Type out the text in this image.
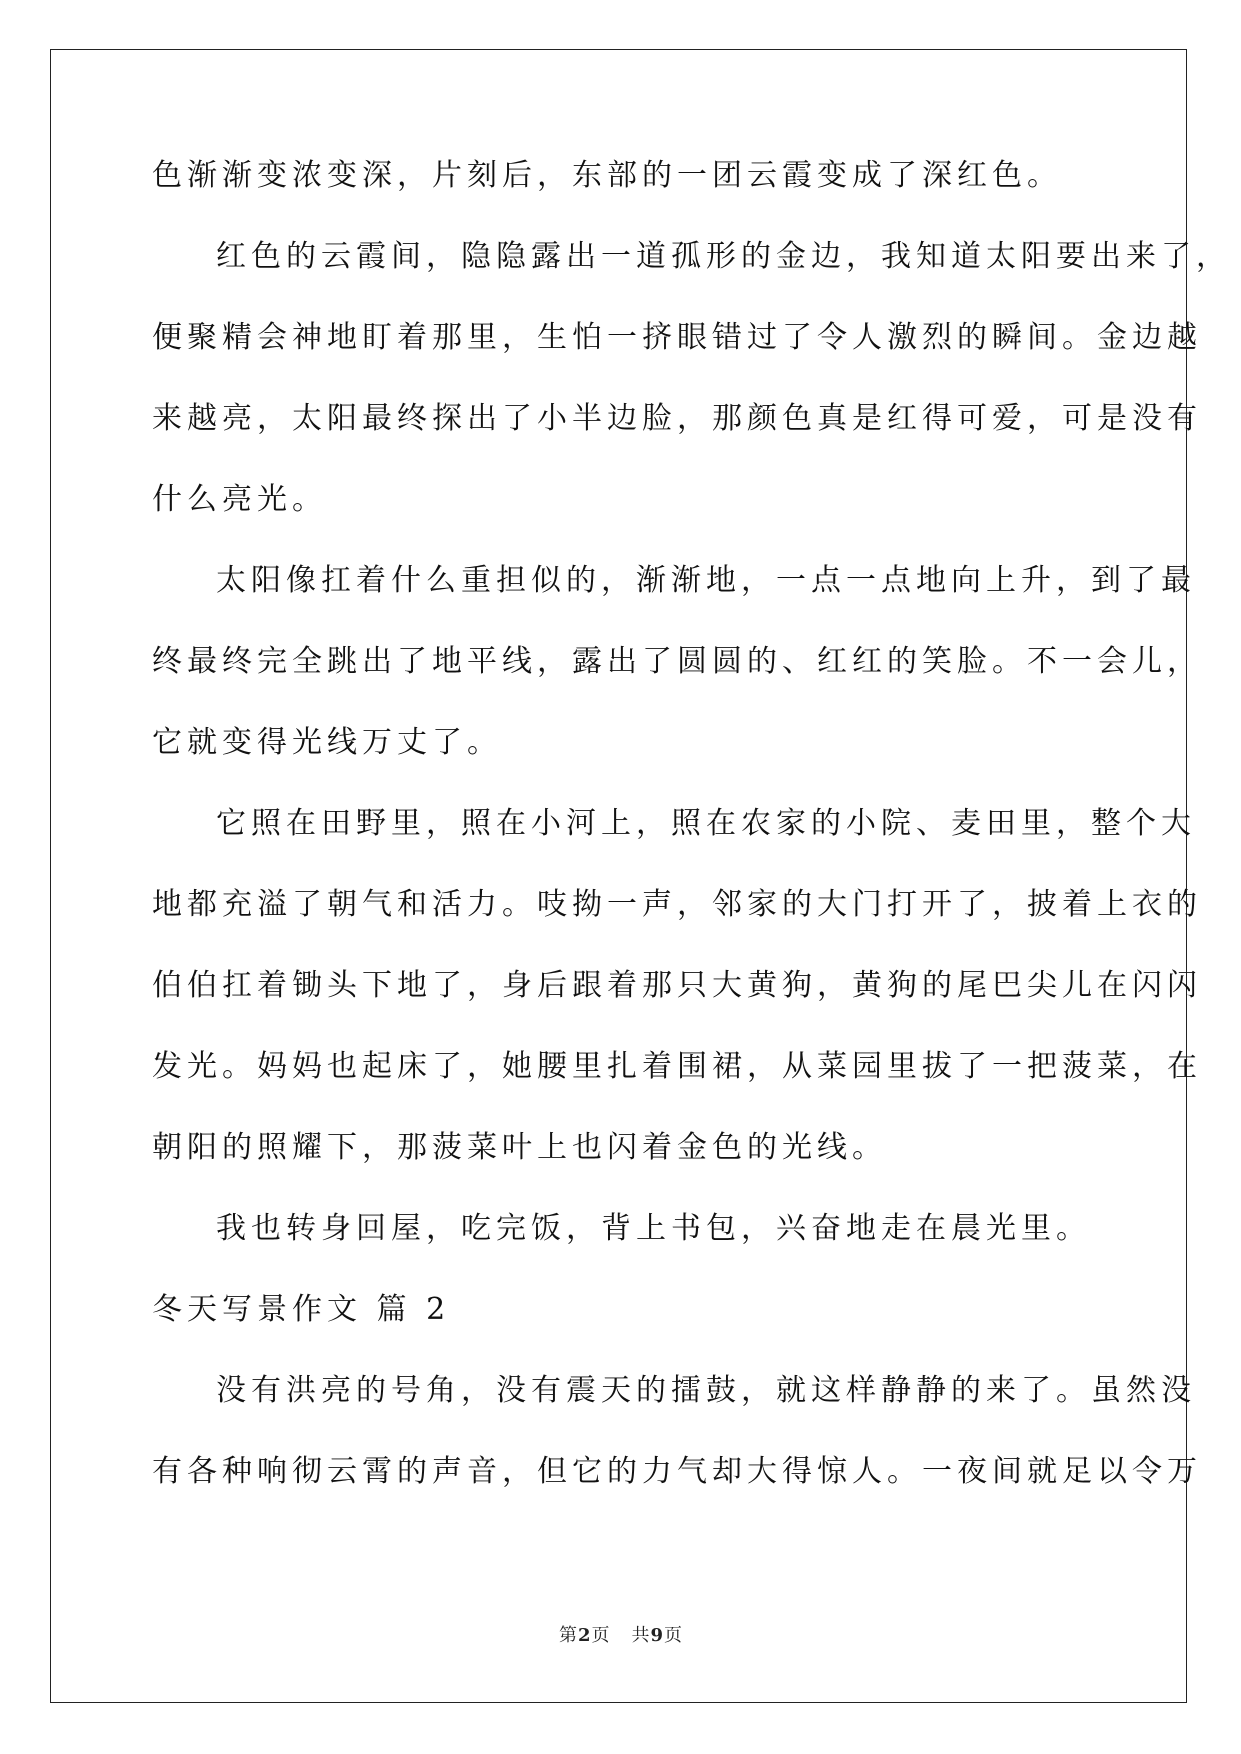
色渐渐变浓变深，片刻后，东部的一团云霞变成了深红色。
红色的云霞间，隐隐露出一道孤形的金边，我知道太阳要出来了，
便聚精会神地盯着那里，生怕一挤眼错过了令人激烈的瞬间。金边越
来越亮，太阳最终探出了小半边脸，那颜色真是红得可爱，可是没有
什么亮光。
太阳像扛着什么重担似的，渐渐地，一点一点地向上升，到了最
终最终完全跳出了地平线，露出了圆圆的、红红的笑脸。不一会儿，
它就变得光线万丈了。
它照在田野里，照在小河上，照在农家的小院、麦田里，整个大
地都充溢了朝气和活力。吱拗一声，邻家的大门打开了，披着上衣的
伯伯扛着锄头下地了，身后跟着那只大黄狗，黄狗的尾巴尖儿在闪闪
发光。妈妈也起床了，她腰里扎着围裙，从菜园里拔了一把菠菜，在
朝阳的照耀下，那菠菜叶上也闪着金色的光线。
我也转身回屋，吃完饭，背上书包，兴奋地走在晨光里。
冬天写景作文 篇 2
没有洪亮的号角，没有震天的擂鼓，就这样静静的来了。虽然没
有各种响彻云霄的声音，但它的力气却大得惊人。一夜间就足以令万
第2页 共9页
